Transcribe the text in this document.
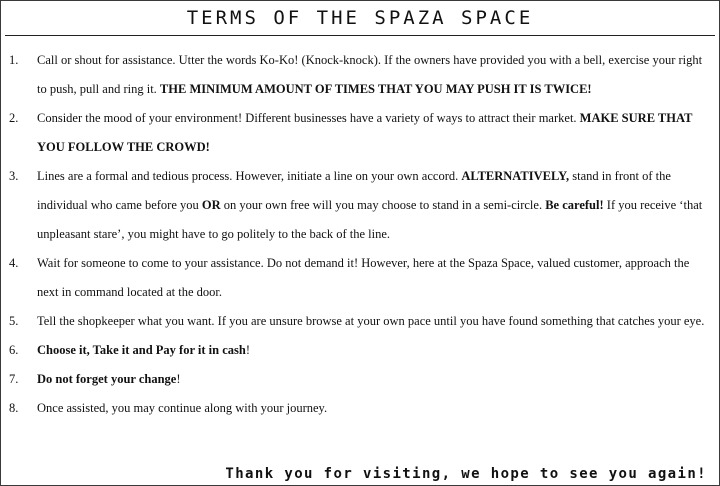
TERMS OF THE SPAZA SPACE
1. Call or shout for assistance. Utter the words Ko-Ko! (Knock-knock). If the owners have provided you with a bell, exercise your right to push, pull and ring it. THE MINIMUM AMOUNT OF TIMES THAT YOU MAY PUSH IT IS TWICE!
2. Consider the mood of your environment! Different businesses have a variety of ways to attract their market. MAKE SURE THAT YOU FOLLOW THE CROWD!
3. Lines are a formal and tedious process. However, initiate a line on your own accord. ALTERNATIVELY, stand in front of the individual who came before you OR on your own free will you may choose to stand in a semi-circle. Be careful! If you receive ‘that unpleasant stare’, you might have to go politely to the back of the line.
4. Wait for someone to come to your assistance. Do not demand it! However, here at the Spaza Space, valued customer, approach the next in command located at the door.
5. Tell the shopkeeper what you want. If you are unsure browse at your own pace until you have found something that catches your eye.
6. Choose it, Take it and Pay for it in cash!
7. Do not forget your change!
8. Once assisted, you may continue along with your journey.
Thank you for visiting, we hope to see you again!
